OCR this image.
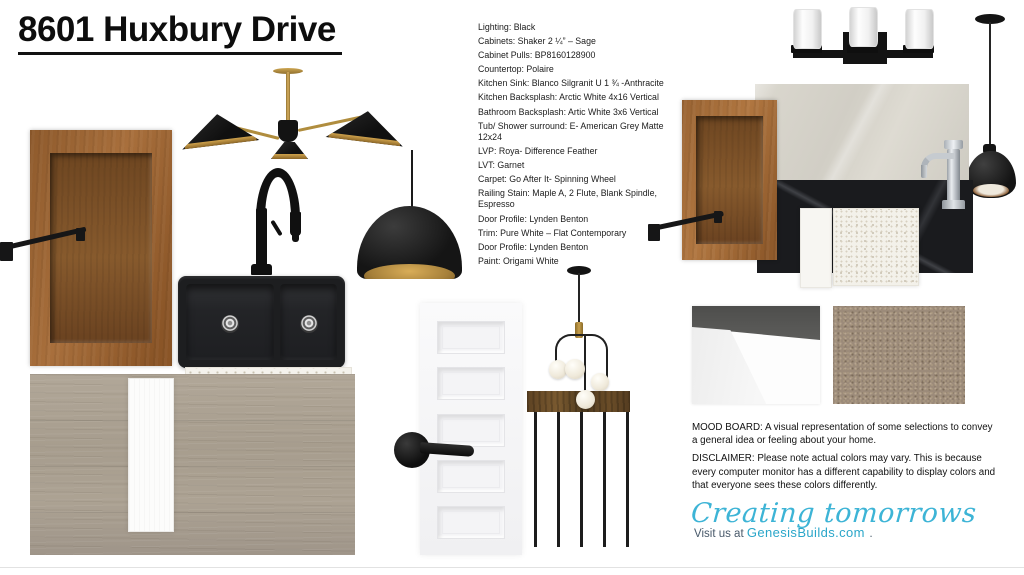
8601 Huxbury Drive	Lighting: Black
Cabinets: Shaker 2 ¼” – Sage
Cabinet Pulls: BP8160128900
Countertop: Polaire
Kitchen Sink: Blanco Silgranit U 1 ¾ -Anthracite
Kitchen Backsplash: Arctic White 4x16 Vertical
Bathroom Backsplash: Artic White 3x6 Vertical
Tub/ Shower surround: E- American Grey Matte 12x24
LVP: Roya- Difference Feather
LVT: Garnet
Carpet: Go After It- Spinning Wheel
Railing Stain: Maple A, 2 Flute, Blank Spindle, Espresso
Door Profile: Lynden Benton
Trim: Pure White – Flat Contemporary
Door Profile: Lynden Benton
Paint: Origami White

MOOD BOARD: A visual representation of some selections to convey a general idea or feeling about your home.

DISCLAIMER: Please note actual colors may vary. This is because every computer monitor has a different capability to display colors and that everyone sees these colors differently.

Creating tomorrows
Visit us at GenesisBuilds.com .
